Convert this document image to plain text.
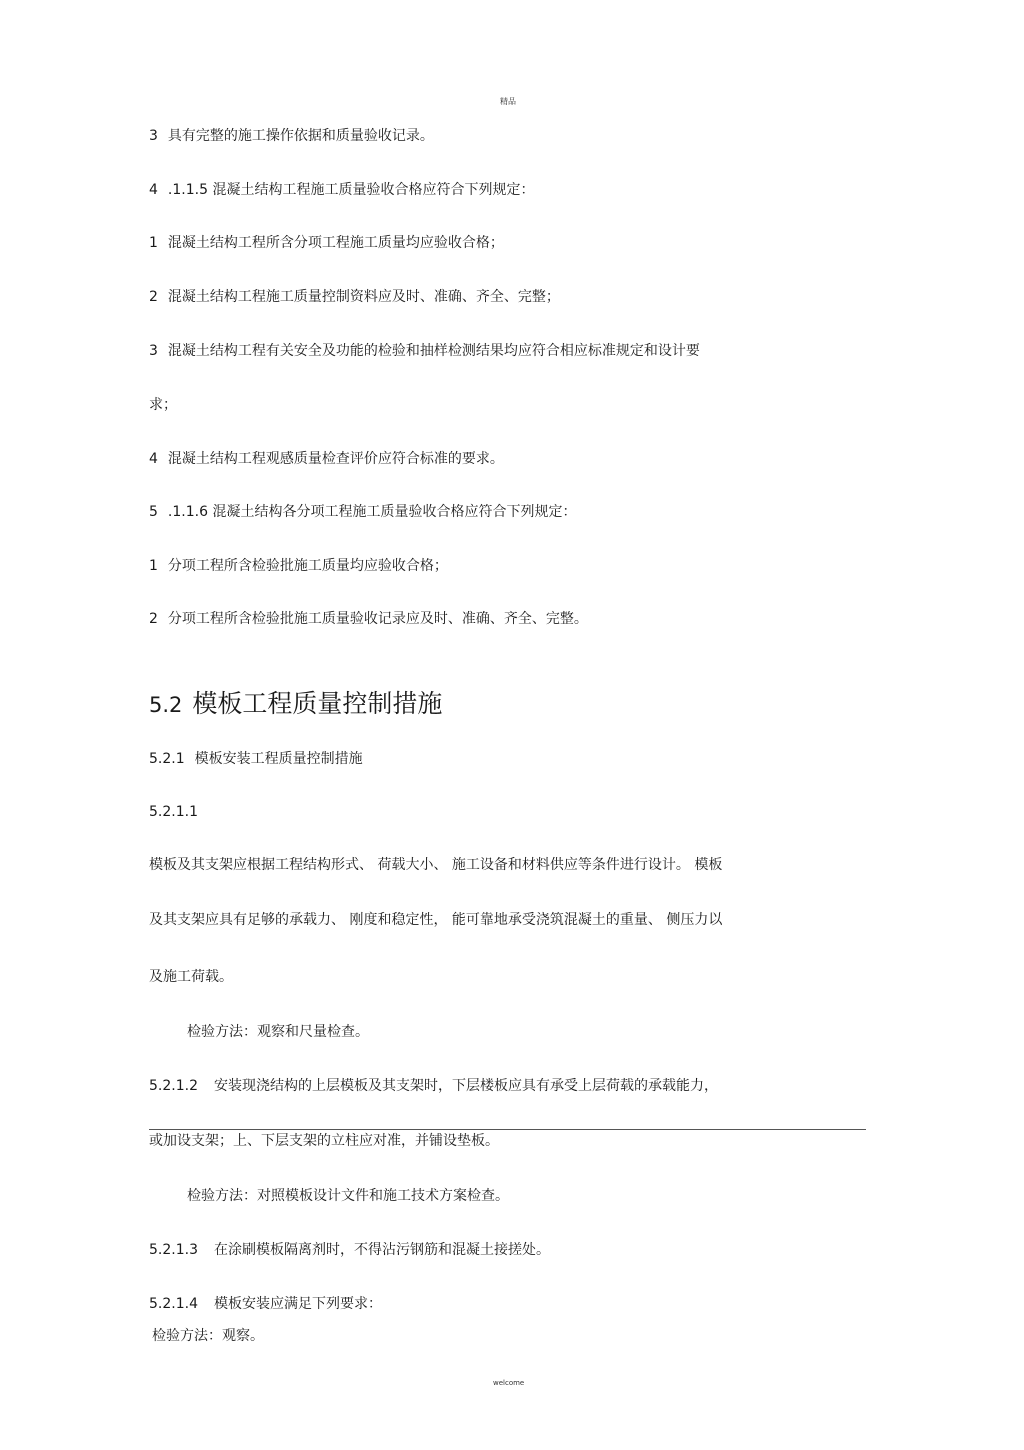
精品
3 具有完整的施工操作依据和质量验收记录。
4 .1.1.5 混凝土结构工程施工质量验收合格应符合下列规定：
1 混凝土结构工程所含分项工程施工质量均应验收合格；
2 混凝土结构工程施工质量控制资料应及时、准确、齐全、完整；
3 混凝土结构工程有关安全及功能的检验和抽样检测结果均应符合相应标准规定和设计要
求；
4 混凝土结构工程观感质量检查评价应符合标准的要求。
5 .1.1.6 混凝土结构各分项工程施工质量验收合格应符合下列规定：
1 分项工程所含检验批施工质量均应验收合格；
2 分项工程所含检验批施工质量验收记录应及时、准确、齐全、完整。
5.2 模板工程质量控制措施
5.2.1 模板安装工程质量控制措施
5.2.1.1
模板及其支架应根据工程结构形式、 荷载大小、 施工设备和材料供应等条件进行设计。 模板
及其支架应具有足够的承载力、 刚度和稳定性， 能可靠地承受浇筑混凝土的重量、 侧压力以
及施工荷载。
检验方法：观察和尺量检查。
5.2.1.2 安装现浇结构的上层模板及其支架时，下层楼板应具有承受上层荷载的承载能力，
或加设支架；上、下层支架的立柱应对准，并铺设垫板。
检验方法：对照模板设计文件和施工技术方案检查。
5.2.1.3 在涂刷模板隔离剂时，不得沾污钢筋和混凝土接搓处。
5.2.1.4 模板安装应满足下列要求：
检验方法：观察。
welcome
